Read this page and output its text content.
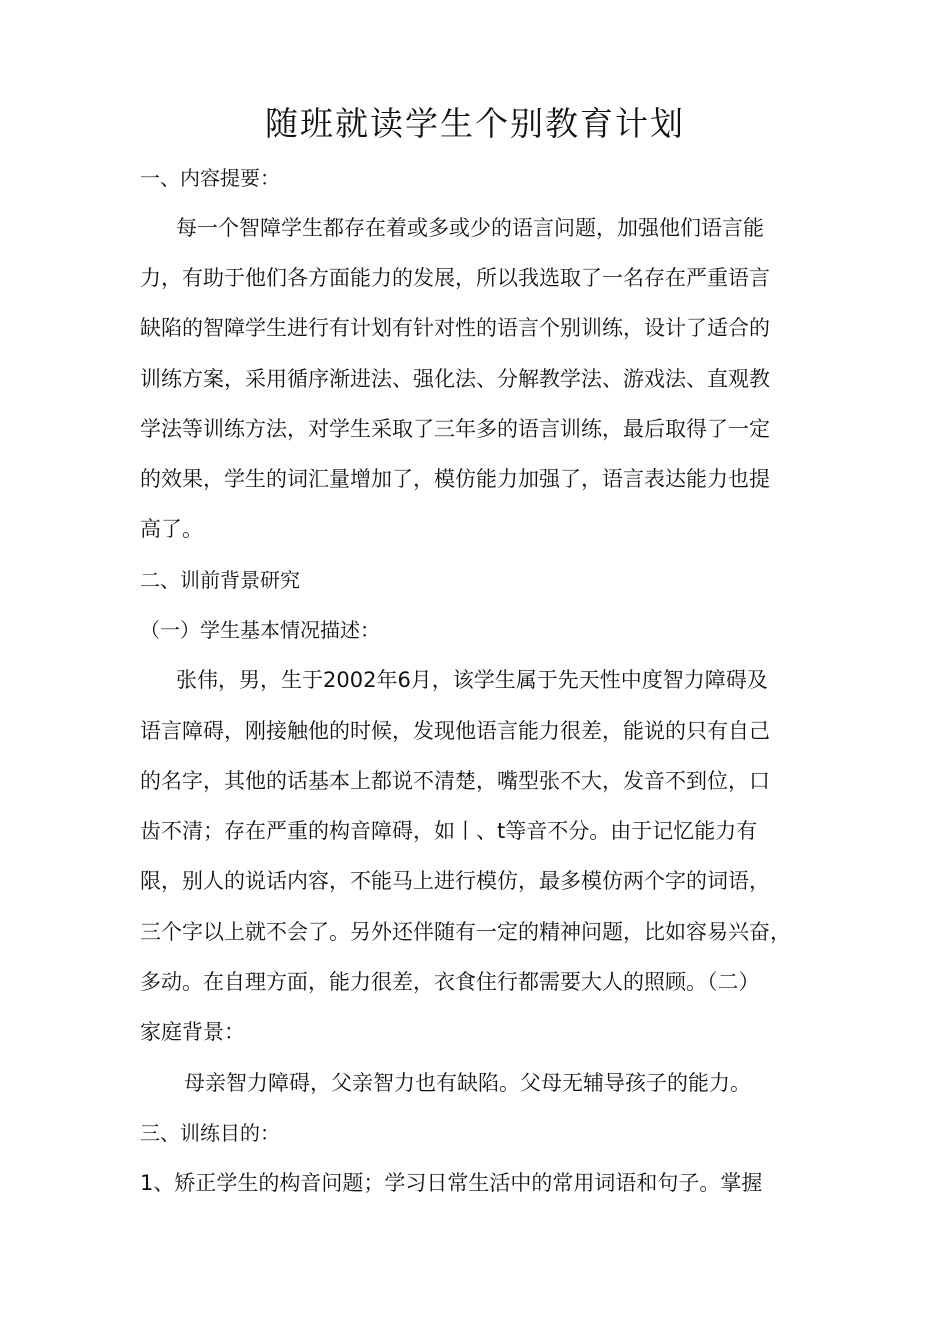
随班就读学生个别教育计划
一、内容提要：
每一个智障学生都存在着或多或少的语言问题，加强他们语言能
力，有助于他们各方面能力的发展，所以我选取了一名存在严重语言
缺陷的智障学生进行有计划有针对性的语言个别训练，设计了适合的
训练方案，采用循序渐进法、强化法、分解教学法、游戏法、直观教
学法等训练方法，对学生采取了三年多的语言训练，最后取得了一定
的效果，学生的词汇量增加了，模仿能力加强了，语言表达能力也提
高了。
二、训前背景研究
（一）学生基本情况描述：
张伟，男，生于2002年6月，该学生属于先天性中度智力障碍及
语言障碍，刚接触他的时候，发现他语言能力很差，能说的只有自己
的名字，其他的话基本上都说不清楚，嘴型张不大，发音不到位，口
齿不清；存在严重的构音障碍，如丨、t等音不分。由于记忆能力有
限，别人的说话内容，不能马上进行模仿，最多模仿两个字的词语，
三个字以上就不会了。另外还伴随有一定的精神问题，比如容易兴奋，
多动。在自理方面，能力很差，衣食住行都需要大人的照顾。（二）
家庭背景：
母亲智力障碍，父亲智力也有缺陷。父母无辅导孩子的能力。
三、训练目的：
1、矫正学生的构音问题；学习日常生活中的常用词语和句子。掌握
